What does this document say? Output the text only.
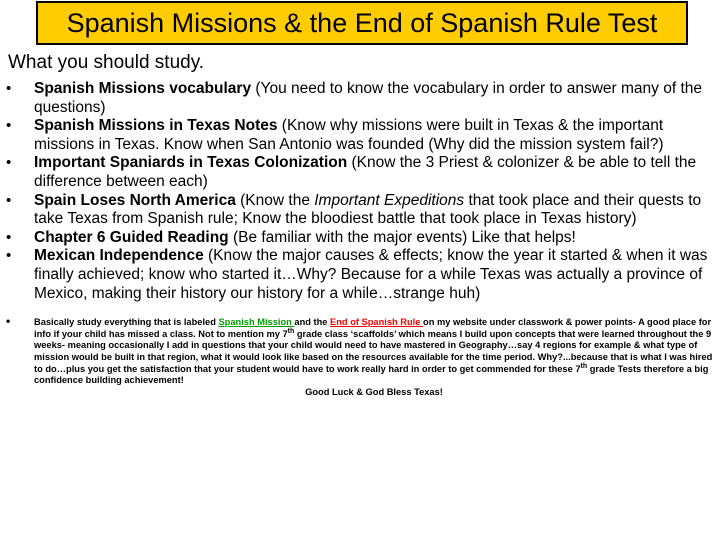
Spanish Missions & the End of Spanish Rule Test
What you should study.
•	Spanish Missions vocabulary (You need to know the vocabulary in order to answer many of the questions)
•	Spanish Missions in Texas Notes (Know why missions were built in Texas & the important missions in Texas. Know when San Antonio was founded (Why did the mission system fail?)
•	Important Spaniards in Texas Colonization (Know the 3 Priest & colonizer & be able to tell the difference between each)
•	Spain Loses North America (Know the Important Expeditions that took place and their quests to take Texas from Spanish rule; Know the bloodiest battle that took place in Texas history)
•	Chapter 6 Guided Reading (Be familiar with the major events) Like that helps!
•	Mexican Independence (Know the major causes & effects; know the year it started & when it was finally achieved; know who started it…Why? Because for a while Texas was actually a province of Mexico, making their history our history for a while…strange huh)
•	Basically study everything that is labeled Spanish Mission and the End of Spanish Rule on my website under classwork & power points- A good place for info if your child has missed a class. Not to mention my 7th grade class ‘scaffolds’ which means I build upon concepts that were learned throughout the 9 weeks- meaning occasionally I add in questions that your child would need to have mastered in Geography…say 4 regions for example & what type of mission would be built in that region, what it would look like based on the resources available for the time period. Why?...because that is what I was hired to do…plus you get the satisfaction that your student would have to work really hard in order to get commended for these 7th grade Tests therefore a big confidence building achievement!
Good Luck & God Bless Texas!
